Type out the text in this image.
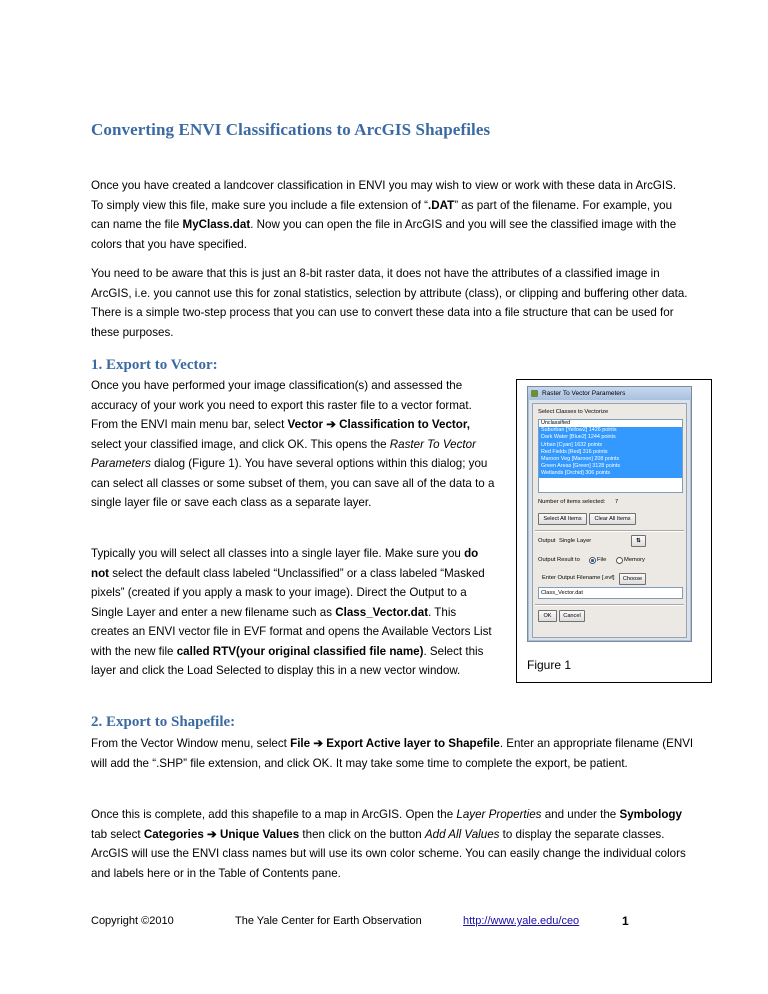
Converting ENVI Classifications to ArcGIS Shapefiles

Once you have created a landcover classification in ENVI you may wish to view or work with these data in ArcGIS. To simply view this file, make sure you include a file extension of “.DAT” as part of the filename. For example, you can name the file MyClass.dat. Now you can open the file in ArcGIS and you will see the classified image with the colors that you have specified.

You need to be aware that this is just an 8-bit raster data, it does not have the attributes of a classified image in ArcGIS, i.e. you cannot use this for zonal statistics, selection by attribute (class), or clipping and buffering other data. There is a simple two-step process that you can use to convert these data into a file structure that can be used for these purposes.

1. Export to Vector:

Once you have performed your image classification(s) and assessed the accuracy of your work you need to export this raster file to a vector format. From the ENVI main menu bar, select Vector ➔ Classification to Vector, select your classified image, and click OK. This opens the Raster To Vector Parameters dialog (Figure 1). You have several options within this dialog; you can select all classes or some subset of them, you can save all of the data to a single layer file or save each class as a separate layer.

Typically you will select all classes into a single layer file. Make sure you do not select the default class labeled “Unclassified” or a class labeled “Masked pixels” (created if you apply a mask to your image). Direct the Output to a Single Layer and enter a new filename such as Class_Vector.dat. This creates an ENVI vector file in EVF format and opens the Available Vectors List with the new file called RTV(your original classified file name). Select this layer and click the Load Selected to display this in a new vector window.

Raster To Vector Parameters
Select Classes to Vectorize
Unclassified
Suburban [Yellow2] 1426 points
Dark Water [Blue2] 1244 points
Urban [Cyan] 1632 points
Red Fields [Red] 316 points
Maroon Veg [Maroon] 208 points
Green Areas [Green] 3128 points
Wetlands [Orchid] 306 points
Number of items selected: 7
Select All Items	Clear All Items
Output Single Layer	⇅
Output Result to	File	Memory
Enter Output Filename [.evf]	Choose
Class_Vector.dat
OK	Cancel
Figure 1
2. Export to Shapefile:

From the Vector Window menu, select File ➔ Export Active layer to Shapefile. Enter an appropriate filename (ENVI will add the “.SHP” file extension, and click OK. It may take some time to complete the export, be patient.

Once this is complete, add this shapefile to a map in ArcGIS. Open the Layer Properties and under the Symbology tab select Categories ➔ Unique Values then click on the button Add All Values to display the separate classes. ArcGIS will use the ENVI class names but will use its own color scheme. You can easily change the individual colors and labels here or in the Table of Contents pane.

Copyright ©2010	The Yale Center for Earth Observation	http://www.yale.edu/ceo	1
